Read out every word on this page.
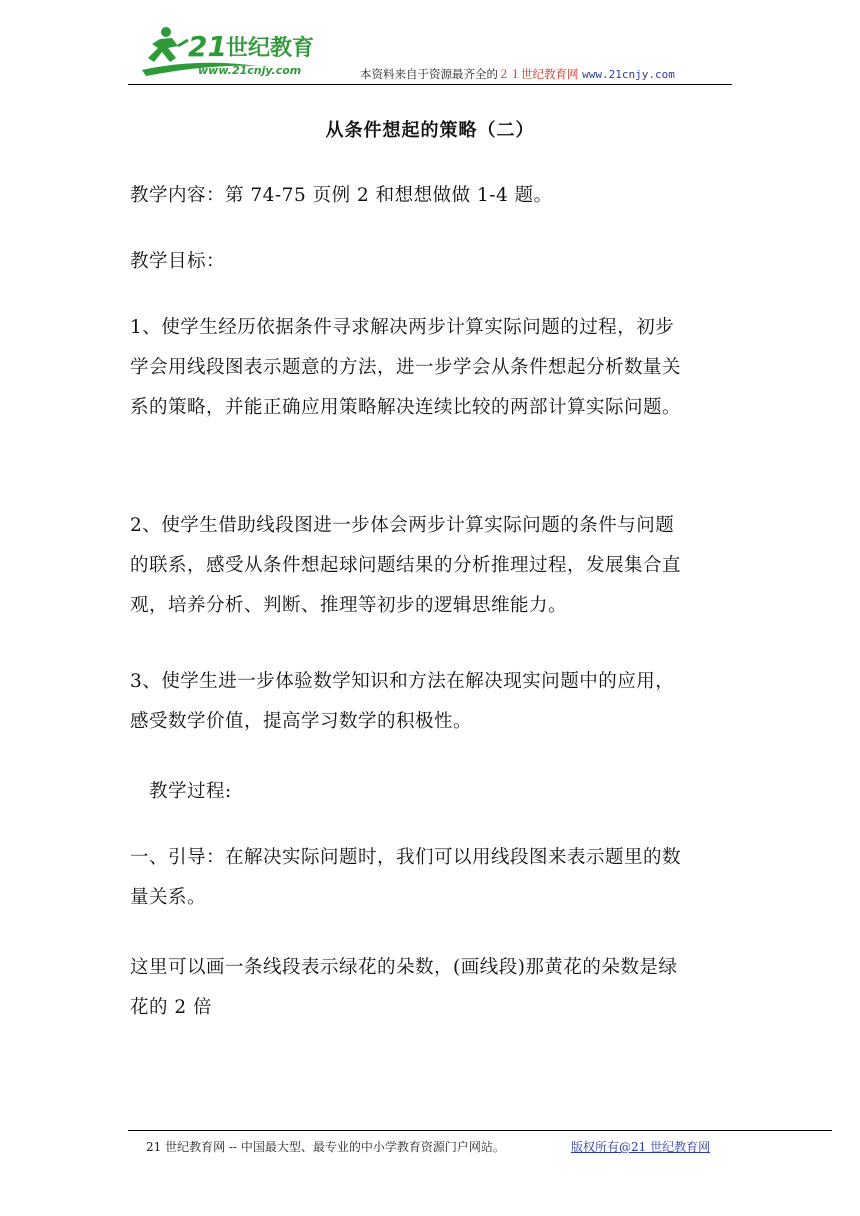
21 世纪教育
www.21cnjy.com	本资料来自于资源最齐全的２１世纪教育网 www.21cnjy.com
从条件想起的策略（二）
教学内容：第 74-75 页例 2 和想想做做 1-4 题。
教学目标：
1、使学生经历依据条件寻求解决两步计算实际问题的过程，初步学会用线段图表示题意的方法，进一步学会从条件想起分析数量关系的策略，并能正确应用策略解决连续比较的两部计算实际问题。
2、使学生借助线段图进一步体会两步计算实际问题的条件与问题的联系，感受从条件想起球问题结果的分析推理过程，发展集合直观，培养分析、判断、推理等初步的逻辑思维能力。
3、使学生进一步体验数学知识和方法在解决现实问题中的应用，感受数学价值，提高学习数学的积极性。
　教学过程:
一、引导：在解决实际问题时，我们可以用线段图来表示题里的数量关系。
这里可以画一条线段表示绿花的朵数，(画线段)那黄花的朵数是绿花的 2 倍
21 世纪教育网 -- 中国最大型、最专业的中小学教育资源门户网站。	版权所有@21 世纪教育网
